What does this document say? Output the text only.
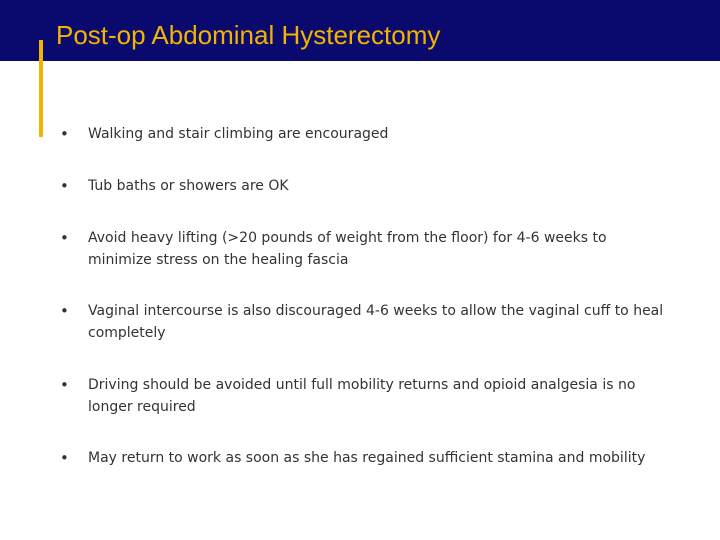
Post-op Abdominal Hysterectomy
• Walking and stair climbing are encouraged
• Tub baths or showers are OK
• Avoid heavy lifting (>20 pounds of weight from the floor) for 4-6 weeks to minimize stress on the healing fascia
• Vaginal intercourse is also discouraged 4-6 weeks to allow the vaginal cuff to heal completely
• Driving should be avoided until full mobility returns and opioid analgesia is no longer required
• May return to work as soon as she has regained sufficient stamina and mobility
